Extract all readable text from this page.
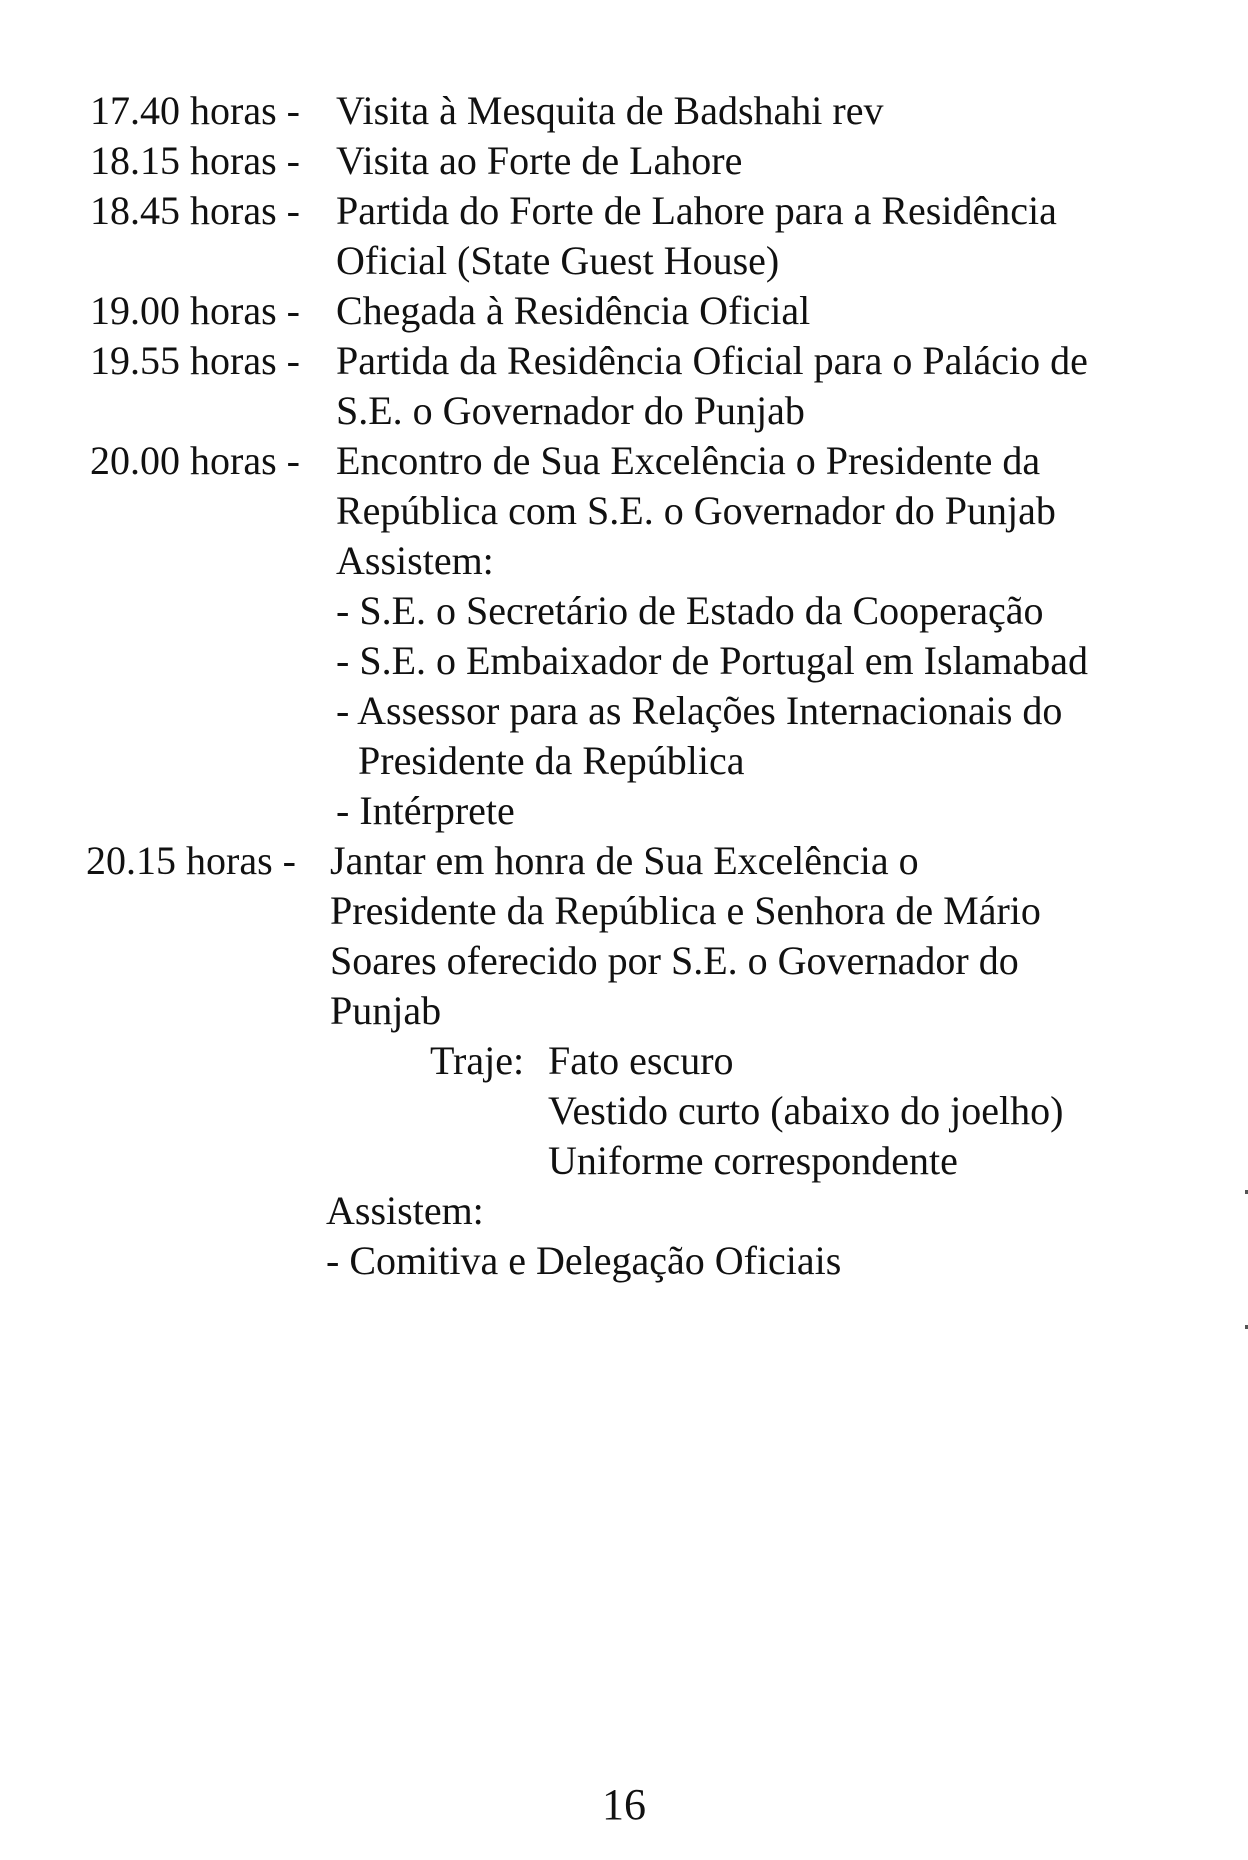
17.40 horas - Visita à Mesquita de Badshahi rev
18.15 horas - Visita ao Forte de Lahore
18.45 horas - Partida do Forte de Lahore para a Residência
Oficial (State Guest House)
19.00 horas - Chegada à Residência Oficial
19.55 horas - Partida da Residência Oficial para o Palácio de
S.E. o Governador do Punjab
20.00 horas - Encontro de Sua Excelência o Presidente da
República com S.E. o Governador do Punjab
Assistem:
- S.E. o Secretário de Estado da Cooperação
- S.E. o Embaixador de Portugal em Islamabad
- Assessor para as Relações Internacionais do
Presidente da República
- Intérprete
20.15 horas - Jantar em honra de Sua Excelência o
Presidente da República e Senhora de Mário
Soares oferecido por S.E. o Governador do
Punjab
Traje: Fato escuro
Vestido curto (abaixo do joelho)
Uniforme correspondente
Assistem:
- Comitiva e Delegação Oficiais
16
